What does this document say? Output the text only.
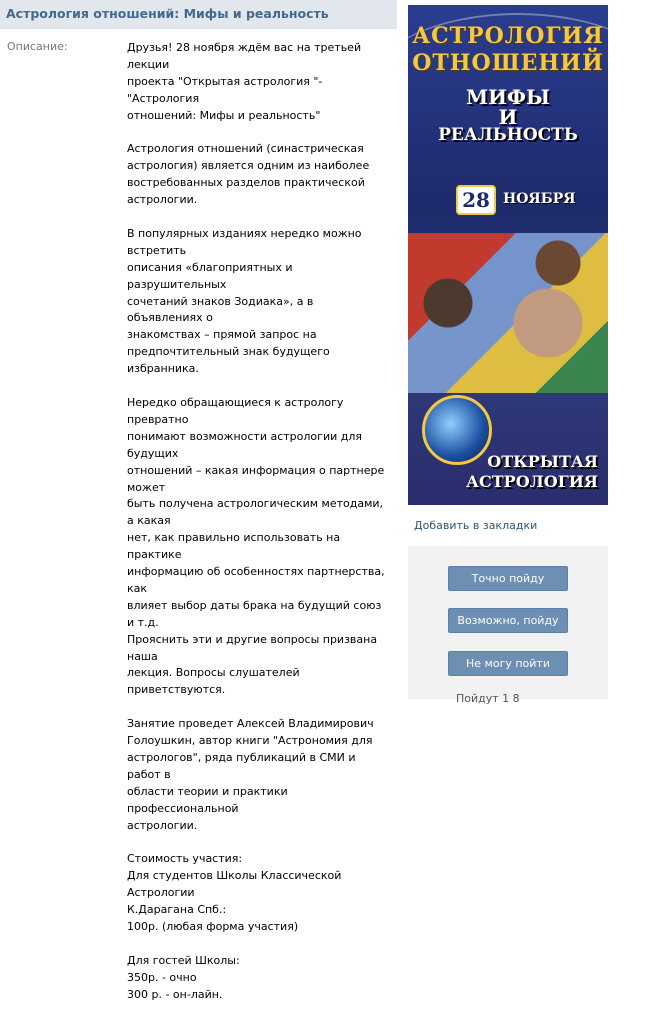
Астрология отношений: Мифы и реальность
Описание:	Друзья! 28 ноября ждём вас на третьей лекции
проекта "Открытая астрология "- "Астрология
отношений: Мифы и реальность"

Астрология отношений (синастрическая
астрология) является одним из наиболее
востребованных разделов практической
астрологии.

В популярных изданиях нередко можно встретить
описания «благоприятных и разрушительных
сочетаний знаков Зодиака», а в объявлениях о
знакомствах – прямой запрос на
предпочтительный знак будущего избранника.

Нередко обращающиеся к астрологу превратно
понимают возможности астрологии для будущих
отношений – какая информация о партнере может
быть получена астрологическим методами, а какая
нет, как правильно использовать на практике
информацию об особенностях партнерства, как
влияет выбор даты брака на будущий союз и т.д.
Прояснить эти и другие вопросы призвана наша
лекция. Вопросы слушателей приветствуются.

Занятие проведет Алексей Владимирович
Голоушкин, автор книги "Астрономия для
астрологов", ряда публикаций в СМИ и работ в
области теории и практики профессиональной
астрологии.

Стоимость участия:
Для студентов Школы Классической Астрологии
К.Дарагана Спб.:
100р. (любая форма участия)

Для гостей Школы:
350р. - очно
300 р. - он-лайн.

АСТРОЛОГИЯ
ОТНОШЕНИЙ
МИФЫ
И
РЕАЛЬНОСТЬ
28 НОЯБРЯ
ОТКРЫТАЯ
АСТРОЛОГИЯ
Добавить в закладки
Точно пойду
Возможно, пойду
Не могу пойти
Пойдут 1 8
